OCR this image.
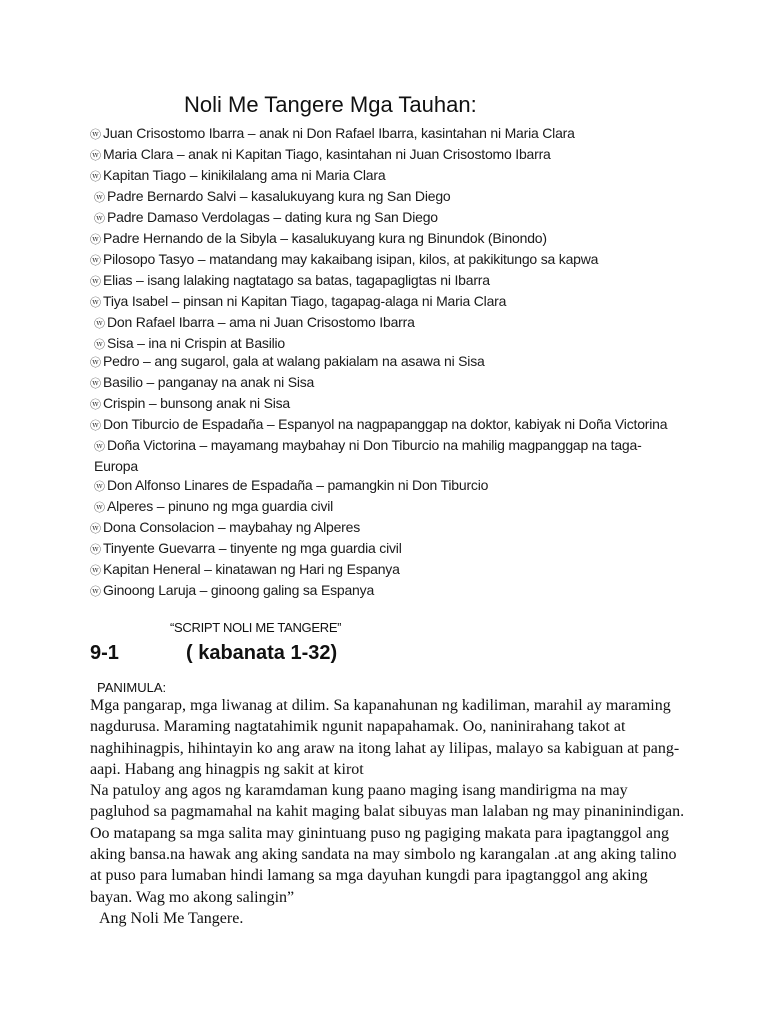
Noli Me Tangere Mga Tauhan:
ⓦ Juan Crisostomo Ibarra – anak ni Don Rafael Ibarra, kasintahan ni Maria Clara
ⓦ Maria Clara – anak ni Kapitan Tiago, kasintahan ni Juan Crisostomo Ibarra
ⓦ Kapitan Tiago – kinikilalang ama ni Maria Clara
ⓦ Padre Bernardo Salvi – kasalukuyang kura ng San Diego
ⓦ Padre Damaso Verdolagas – dating kura ng San Diego
ⓦ Padre Hernando de la Sibyla – kasalukuyang kura ng Binundok (Binondo)
ⓦ Pilosopo Tasyo – matandang may kakaibang isipan, kilos, at pakikitungo sa kapwa
ⓦ Elias – isang lalaking nagtatago sa batas, tagapagligtas ni Ibarra
ⓦ Tiya Isabel – pinsan ni Kapitan Tiago, tagapag-alaga ni Maria Clara
ⓦ Don Rafael Ibarra – ama ni Juan Crisostomo Ibarra
ⓦ Sisa – ina ni Crispin at Basilio
ⓦ Pedro – ang sugarol, gala at walang pakialam na asawa ni Sisa
ⓦ Basilio – panganay na anak ni Sisa
ⓦ Crispin – bunsong anak ni Sisa
ⓦ Don Tiburcio de Espadaña – Espanyol na nagpapanggap na doktor, kabiyak ni Doña Victorina
ⓦ Doña Victorina – mayamang maybahay ni Don Tiburcio na mahilig magpanggap na taga- Europa
ⓦ Don Alfonso Linares de Espadaña – pamangkin ni Don Tiburcio
ⓦ Alperes – pinuno ng mga guardia civil
ⓦ Dona Consolacion – maybahay ng Alperes
ⓦ Tinyente Guevarra – tinyente ng mga guardia civil
ⓦ Kapitan Heneral – kinatawan ng Hari ng Espanya
ⓦ Ginoong Laruja – ginoong galing sa Espanya
“SCRIPT NOLI ME TANGERE”
9-1	( kabanata 1-32)
PANIMULA:

Mga pangarap, mga liwanag at dilim. Sa kapanahunan ng kadiliman, marahil ay maraming nagdurusa. Maraming nagtatahimik ngunit napapahamak. Oo, naninirahang takot at naghihinagpis, hihintayin ko ang araw na itong lahat ay lilipas, malayo sa kabiguan at pang-aapi. Habang ang hinagpis ng sakit at kirot

Na patuloy ang agos ng karamdaman kung paano maging isang mandirigma na may pagluhod sa pagmamahal na kahit maging balat sibuyas man lalaban ng may pinaninindigan. Oo matapang sa mga salita may ginintuang puso ng pagiging makata para ipagtanggol ang aking bansa.na hawak ang aking sandata na may simbolo ng karangalan .at ang aking talino at puso para lumaban hindi lamang sa mga dayuhan kungdi para ipagtanggol ang aking bayan. Wag mo akong salingin”

Ang Noli Me Tangere.
